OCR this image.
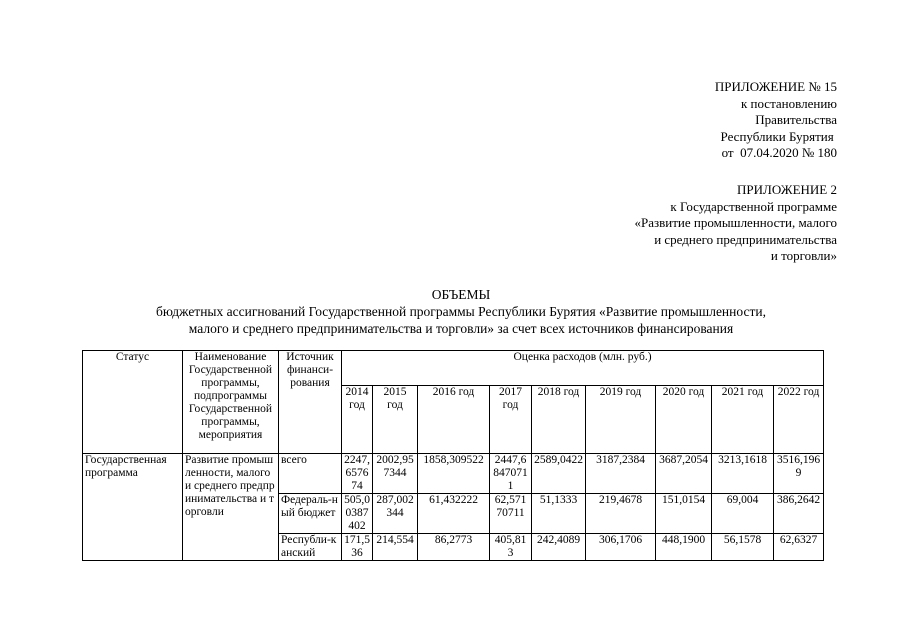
ПРИЛОЖЕНИЕ № 15
к постановлению
Правительства
Республики Бурятия
от  07.04.2020 № 180
ПРИЛОЖЕНИЕ 2
к Государственной программе
«Развитие промышленности, малого
и среднего предпринимательства
и торговли»
ОБЪЕМЫ
бюджетных ассигнований Государственной программы Республики Бурятия «Развитие промышленности,
малого и среднего предпринимательства и торговли» за счет всех источников финансирования
Статус	Наименование Государственной программы, подпрограммы Государственной программы, мероприятия	Источник финанси-рования	Оценка расходов (млн. руб.)								
			2014 год	2015 год	2016 год	2017 год	2018 год	2019 год	2020 год	2021 год	2022 год
Государственная программа	Развитие промышленности, малого и среднего предпринимательства и торговли	всего	2247,657674	2002,957344	1858,309522	2447,68470711	2589,0422	3187,2384	3687,2054	3213,1618	3516,1969
		Федераль-ный бюджет	505,00387402	287,002344	61,432222	62,57170711	51,1333	219,4678	151,0154	69,004	386,2642

		Республи-канский	171,536	214,554	86,2773	405,813	242,4089	306,1706	448,1900	56,1578	62,6327
